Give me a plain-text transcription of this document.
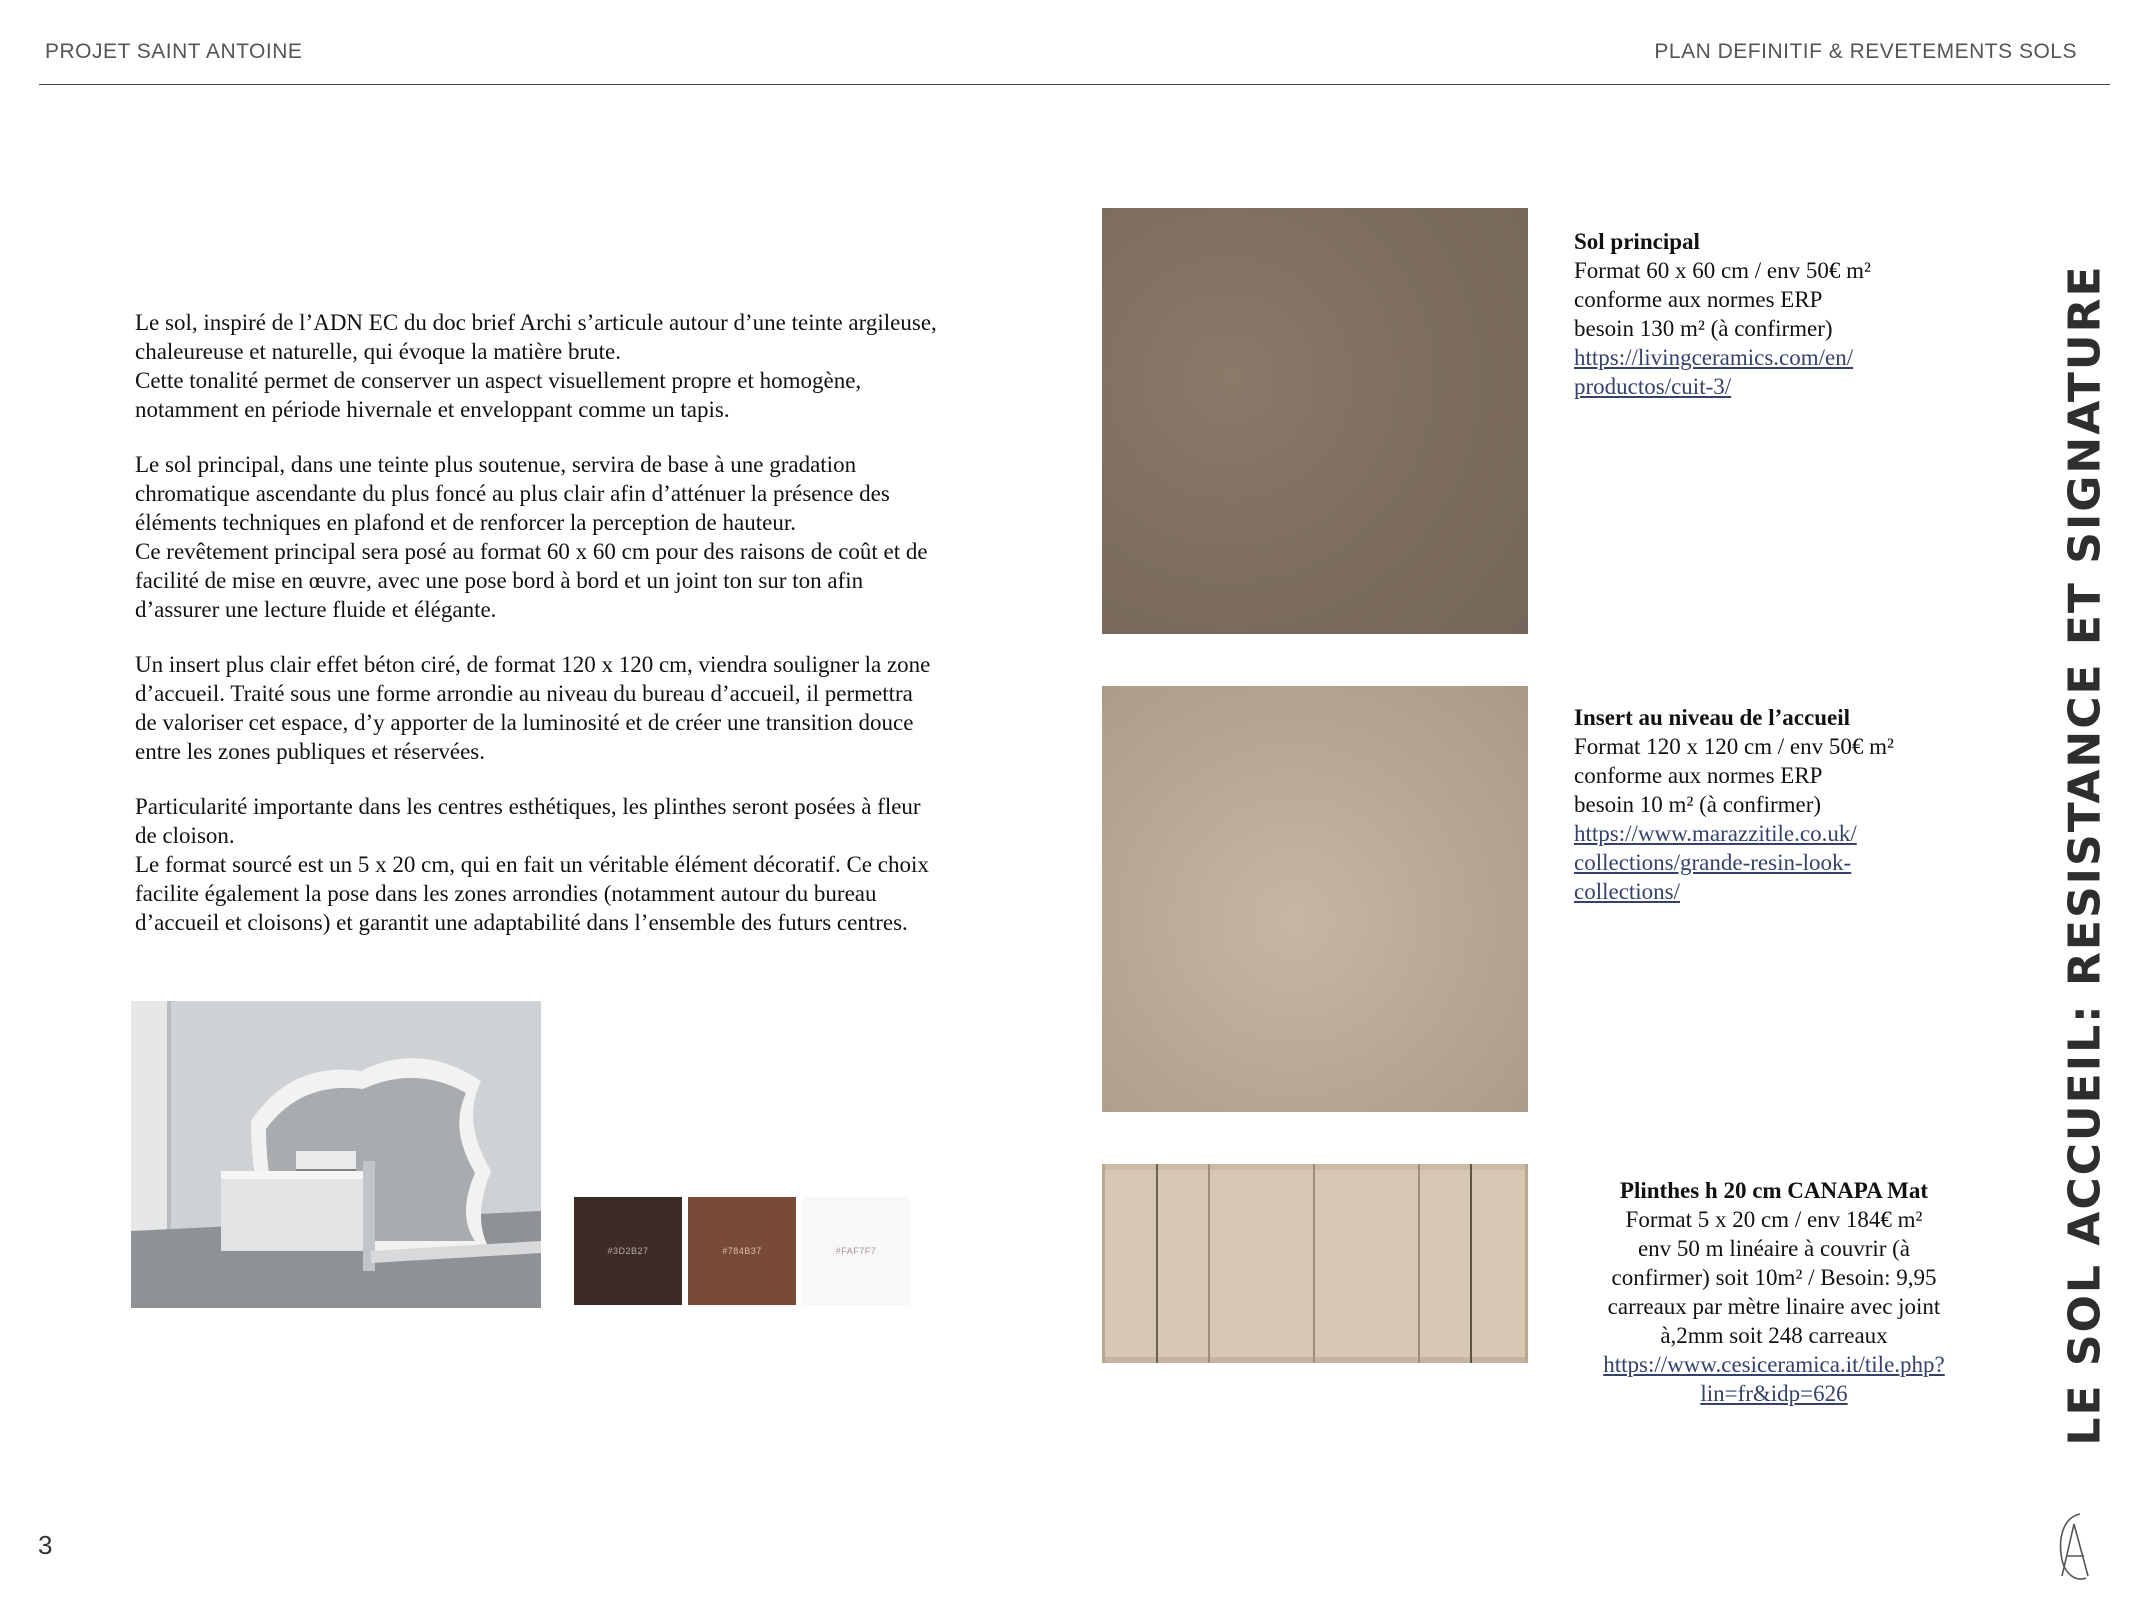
PROJET SAINT ANTOINE	PLAN DEFINITIF & REVETEMENTS SOLS

Le sol, inspiré de l’ADN EC du doc brief Archi s’articule autour d’une teinte argileuse,
chaleureuse et naturelle, qui évoque la matière brute.
Cette tonalité permet de conserver un aspect visuellement propre et homogène,
notamment en période hivernale et enveloppant comme un tapis.

Le sol principal, dans une teinte plus soutenue, servira de base à une gradation
chromatique ascendante du plus foncé au plus clair afin d’atténuer la présence des
éléments techniques en plafond et de renforcer la perception de hauteur.
Ce revêtement principal sera posé au format 60 x 60 cm pour des raisons de coût et de
facilité de mise en œuvre, avec une pose bord à bord et un joint ton sur ton afin
d’assurer une lecture fluide et élégante.

Un insert plus clair effet béton ciré, de format 120 x 120 cm, viendra souligner la zone
d’accueil. Traité sous une forme arrondie au niveau du bureau d’accueil, il permettra
de valoriser cet espace, d’y apporter de la luminosité et de créer une transition douce
entre les zones publiques et réservées.

Particularité importante dans les centres esthétiques, les plinthes seront posées à fleur
de cloison.
Le format sourcé est un 5 x 20 cm, qui en fait un véritable élément décoratif. Ce choix
facilite également la pose dans les zones arrondies (notamment autour du bureau
d’accueil et cloisons) et garantit une adaptabilité dans l’ensemble des futurs centres.

#3D2B27	#784B37	#FAF7F7
Sol principal
Format 60 x 60 cm / env 50€ m²
conforme aux normes ERP
besoin 130 m² (à confirmer)
https://livingceramics.com/en/
productos/cuit-3/
Insert au niveau de l’accueil
Format 120 x 120 cm / env 50€ m²
conforme aux normes ERP
besoin 10 m² (à confirmer)
https://www.marazzitile.co.uk/
collections/grande-resin-look-
collections/
Plinthes h 20 cm CANAPA Mat
Format 5 x 20 cm / env 184€ m²
env 50 m linéaire à couvrir (à
confirmer) soit 10m² / Besoin: 9,95
carreaux par mètre linaire avec joint
à,2mm soit 248 carreaux
https://www.cesiceramica.it/tile.php?
lin=fr&idp=626	LE SOL ACCUEIL: RESISTANCE ET SIGNATURE
3
